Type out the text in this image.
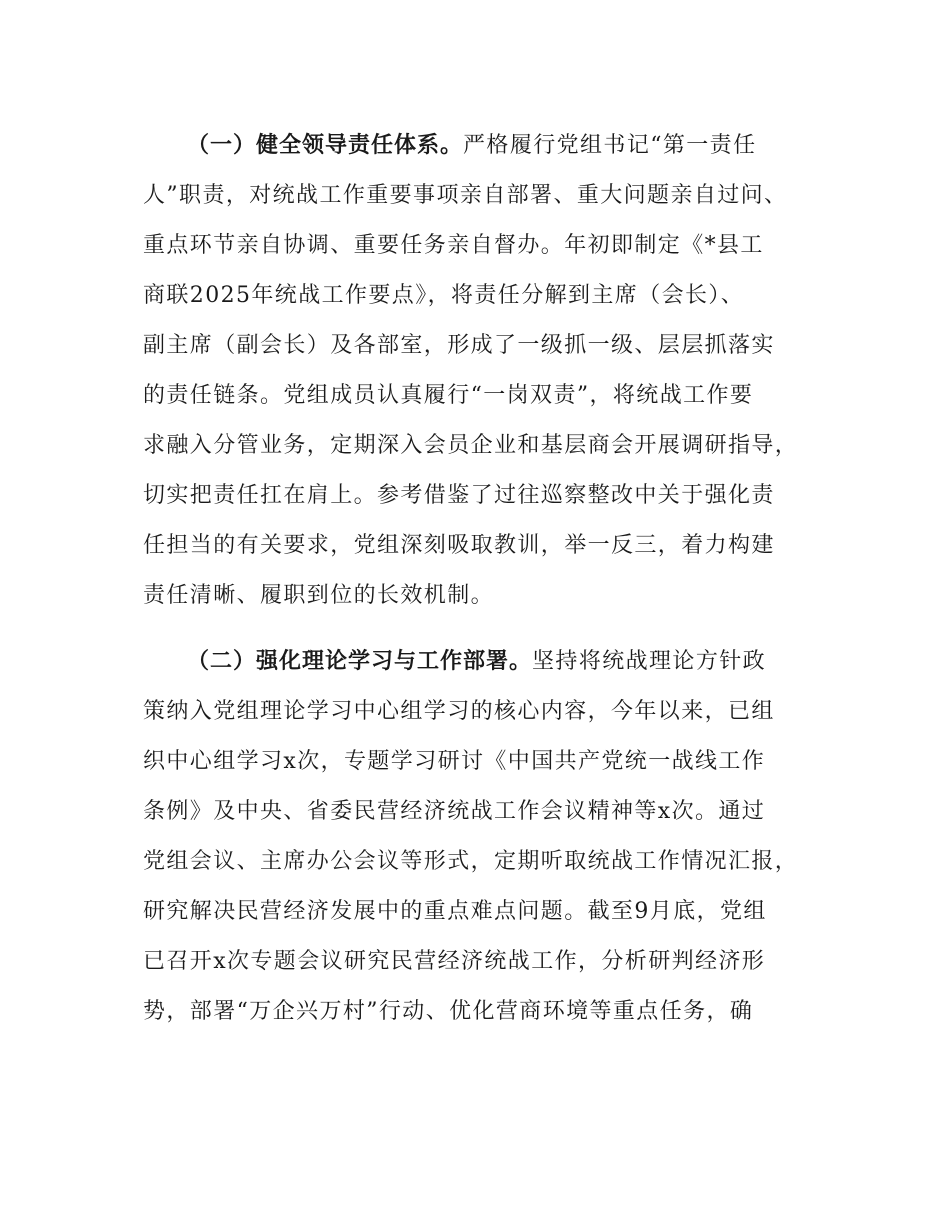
（一）健全领导责任体系。严格履行党组书记“第一责任
人”职责，对统战工作重要事项亲自部署、重大问题亲自过问、
重点环节亲自协调、重要任务亲自督办。年初即制定《*县工
商联2025年统战工作要点》，将责任分解到主席（会长）、
副主席（副会长）及各部室，形成了一级抓一级、层层抓落实
的责任链条。党组成员认真履行“一岗双责”，将统战工作要
求融入分管业务，定期深入会员企业和基层商会开展调研指导，
切实把责任扛在肩上。参考借鉴了过往巡察整改中关于强化责
任担当的有关要求，党组深刻吸取教训，举一反三，着力构建
责任清晰、履职到位的长效机制。

（二）强化理论学习与工作部署。坚持将统战理论方针政
策纳入党组理论学习中心组学习的核心内容，今年以来，已组
织中心组学习x次，专题学习研讨《中国共产党统一战线工作
条例》及中央、省委民营经济统战工作会议精神等x次。通过
党组会议、主席办公会议等形式，定期听取统战工作情况汇报，
研究解决民营经济发展中的重点难点问题。截至9月底，党组
已召开x次专题会议研究民营经济统战工作，分析研判经济形
势，部署“万企兴万村”行动、优化营商环境等重点任务，确
